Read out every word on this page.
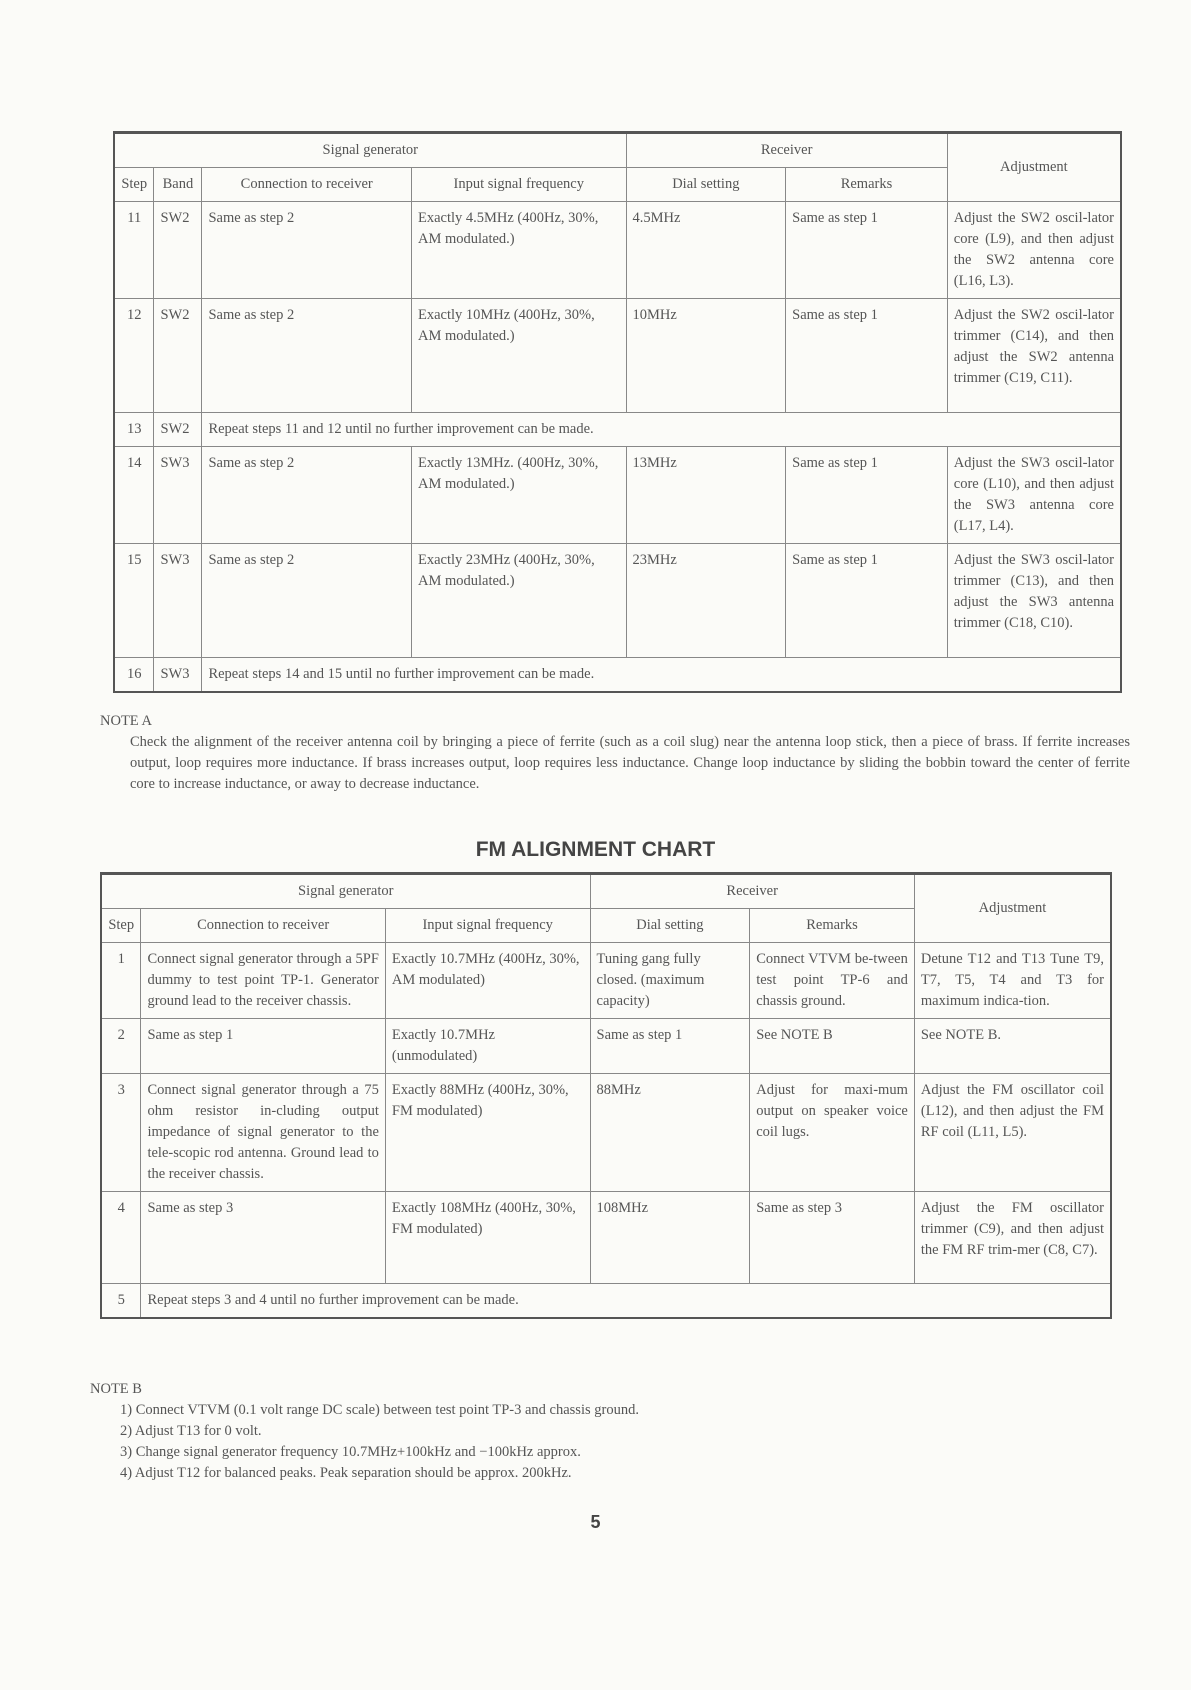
Signal generator				Receiver		Adjustment
Step	Band	Connection to receiver	Input signal frequency	Dial setting	Remarks	
11	SW2	Same as step 2	Exactly 4.5MHz (400Hz, 30%, AM modulated.)	4.5MHz	Same as step 1	Adjust the SW2 oscil-lator core (L9), and then adjust the SW2 antenna core (L16, L3).
12	SW2	Same as step 2	Exactly 10MHz (400Hz, 30%, AM modulated.)	10MHz	Same as step 1	Adjust the SW2 oscil-lator trimmer (C14), and then adjust the SW2 antenna trimmer (C19, C11).
13	SW2	Repeat steps 11 and 12 until no further improvement can be made.				
14	SW3	Same as step 2	Exactly 13MHz. (400Hz, 30%, AM modulated.)	13MHz	Same as step 1	Adjust the SW3 oscil-lator core (L10), and then adjust the SW3 antenna core (L17, L4).
15	SW3	Same as step 2	Exactly 23MHz (400Hz, 30%, AM modulated.)	23MHz	Same as step 1	Adjust the SW3 oscil-lator trimmer (C13), and then adjust the SW3 antenna trimmer (C18, C10).
16	SW3	Repeat steps 14 and 15 until no further improvement can be made.				
NOTE A

Check the alignment of the receiver antenna coil by bringing a piece of ferrite (such as a coil slug) near the antenna loop stick, then a piece of brass. If ferrite increases output, loop requires more inductance. If brass increases output, loop requires less inductance. Change loop inductance by sliding the bobbin toward the center of ferrite core to increase inductance, or away to decrease inductance.

FM ALIGNMENT CHART
Signal generator			Receiver		Adjustment
Step	Connection to receiver	Input signal frequency	Dial setting	Remarks	
1	Connect signal generator through a 5PF dummy to test point TP-1. Generator ground lead to the receiver chassis.	Exactly 10.7MHz (400Hz, 30%, AM modulated)	Tuning gang fully closed. (maximum capacity)	Connect VTVM be-tween test point TP-6 and chassis ground.	Detune T12 and T13 Tune T9, T7, T5, T4 and T3 for maximum indica-tion.
2	Same as step 1	Exactly 10.7MHz (unmodulated)	Same as step 1	See NOTE B	See NOTE B.
3	Connect signal generator through a 75 ohm resistor in-cluding output impedance of signal generator to the tele-scopic rod antenna. Ground lead to the receiver chassis.	Exactly 88MHz (400Hz, 30%, FM modulated)	88MHz	Adjust for maxi-mum output on speaker voice coil lugs.	Adjust the FM oscillator coil (L12), and then adjust the FM RF coil (L11, L5).
4	Same as step 3	Exactly 108MHz (400Hz, 30%, FM modulated)	108MHz	Same as step 3	Adjust the FM oscillator trimmer (C9), and then adjust the FM RF trim-mer (C8, C7).
5	Repeat steps 3 and 4 until no further improvement can be made.				
NOTE B
1) Connect VTVM (0.1 volt range DC scale) between test point TP-3 and chassis ground.
2) Adjust T13 for 0 volt.
3) Change signal generator frequency 10.7MHz+100kHz and −100kHz approx.
4) Adjust T12 for balanced peaks. Peak separation should be approx. 200kHz.
5
